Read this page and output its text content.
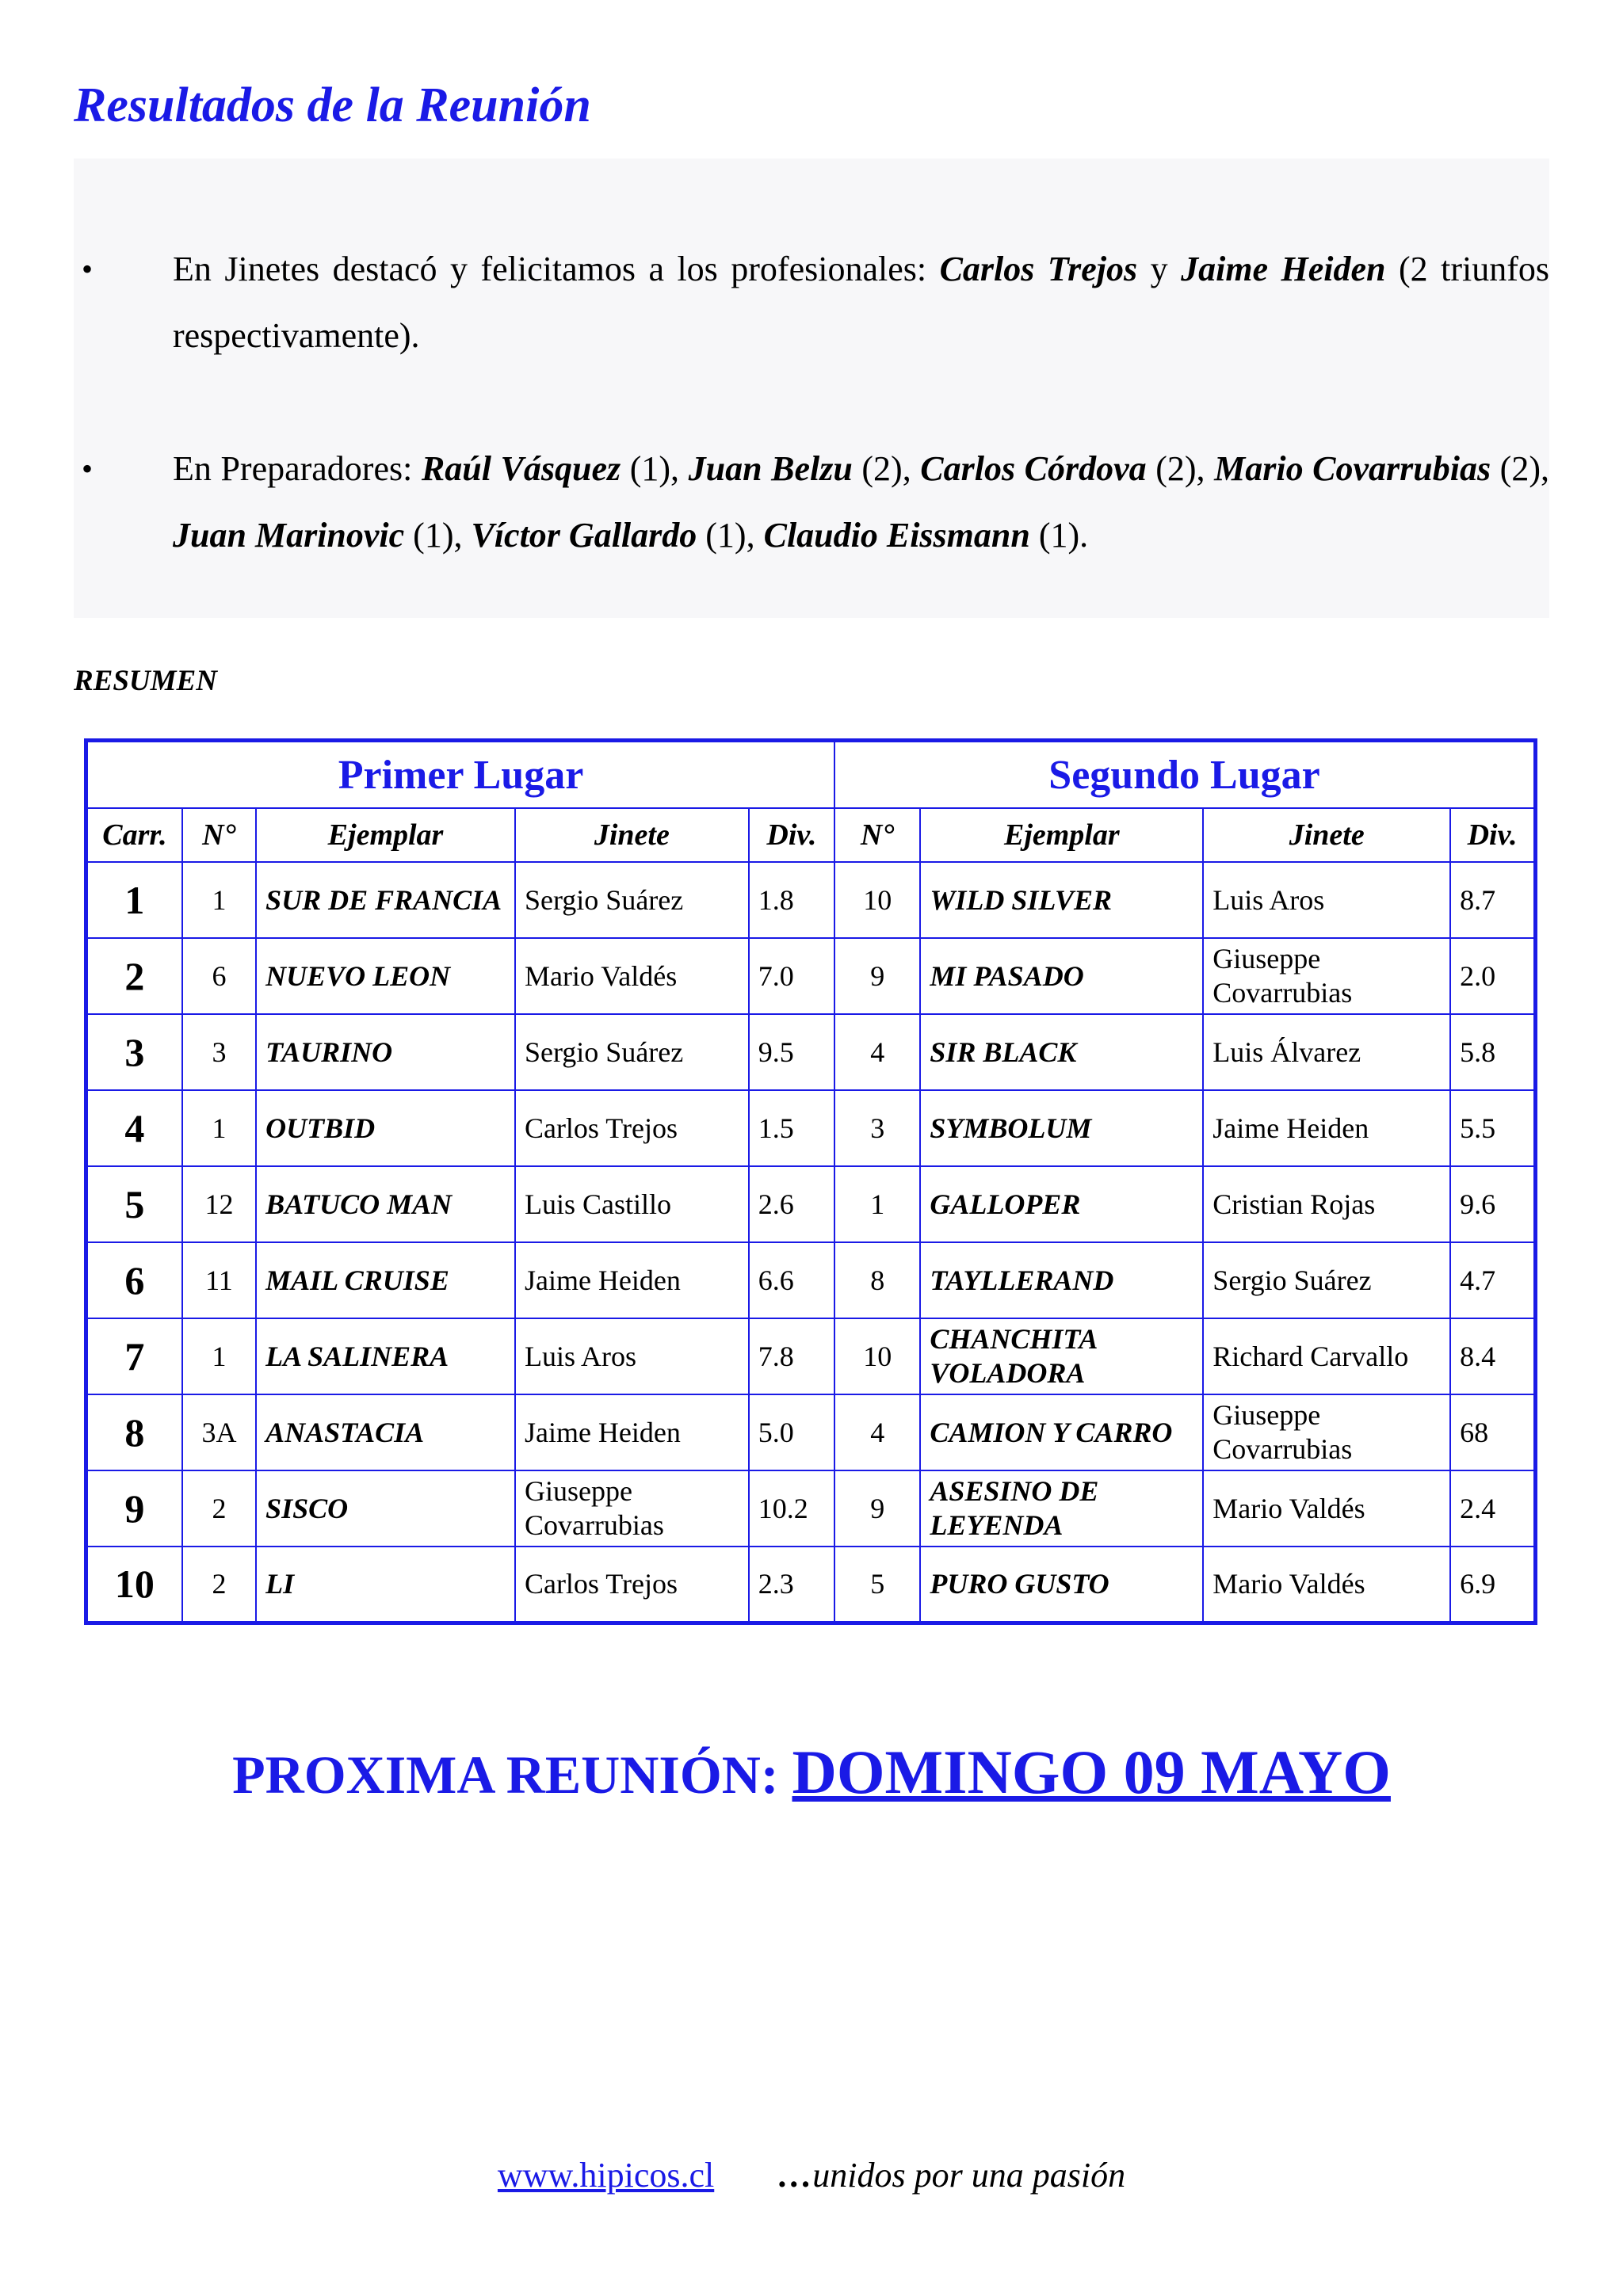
Resultados de la Reunión
•	En Jinetes destacó y felicitamos a los profesionales: Carlos Trejos y Jaime Heiden (2 triunfos respectivamente).
•	En Preparadores: Raúl Vásquez (1), Juan Belzu (2), Carlos Córdova (2), Mario Covarrubias (2), Juan Marinovic (1), Víctor Gallardo (1), Claudio Eissmann (1).
RESUMEN
Primer Lugar					Segundo Lugar			
Carr.	N°	Ejemplar	Jinete	Div.	N°	Ejemplar	Jinete	Div.
1	1	SUR DE FRANCIA	Sergio Suárez	1.8	10	WILD SILVER	Luis Aros	8.7
2	6	NUEVO LEON	Mario Valdés	7.0	9	MI PASADO	Giuseppe Covarrubias	2.0
3	3	TAURINO	Sergio Suárez	9.5	4	SIR BLACK	Luis Álvarez	5.8
4	1	OUTBID	Carlos Trejos	1.5	3	SYMBOLUM	Jaime Heiden	5.5
5	12	BATUCO MAN	Luis Castillo	2.6	1	GALLOPER	Cristian Rojas	9.6
6	11	MAIL CRUISE	Jaime Heiden	6.6	8	TAYLLERAND	Sergio Suárez	4.7
7	1	LA SALINERA	Luis Aros	7.8	10	CHANCHITA VOLADORA	Richard Carvallo	8.4
8	3A	ANASTACIA	Jaime Heiden	5.0	4	CAMION Y CARRO	Giuseppe Covarrubias	68
9	2	SISCO	Giuseppe Covarrubias	10.2	9	ASESINO DE LEYENDA	Mario Valdés	2.4
10	2	LI	Carlos Trejos	2.3	5	PURO GUSTO	Mario Valdés	6.9
PROXIMA REUNIÓN: DOMINGO 09 MAYO
www.hipicos.cl …unidos por una pasión
